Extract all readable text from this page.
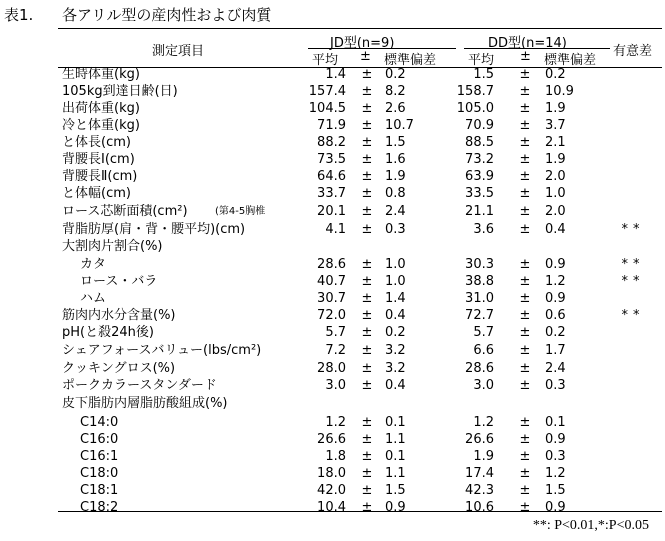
表1. 各アリル型の産肉性および肉質
測定項目
JD型(n=9)	DD型(n=14)
平均 ± 標準偏差 平均 ± 標準偏差
有意差
生時体重(kg)	1.4 ± 0.2	1.5 ± 0.2
105kg到達日齢(日)	157.4 ± 8.2	158.7 ± 10.9
出荷体重(kg)	104.5 ± 2.6	105.0 ± 1.9
冷と体重(kg)	71.9 ± 10.7	70.9 ± 3.7
と体長(cm)	88.2 ± 1.5	88.5 ± 2.1
背腰長Ⅰ(cm)	73.5 ± 1.6	73.2 ± 1.9
背腰長Ⅱ(cm)	64.6 ± 1.9	63.9 ± 2.0
と体幅(cm)	33.7 ± 0.8	33.5 ± 1.0
ロース芯断面積(cm²)	(第4-5胸椎	20.1 ± 2.4	21.1 ± 2.0
背脂肪厚(肩・背・腰平均)(cm)	4.1 ± 0.3	3.6 ± 0.4	**
大割肉片割合(%)
カタ	28.6 ± 1.0	30.3 ± 0.9	**
ロース・バラ	40.7 ± 1.0	38.8 ± 1.2	**
ハム	30.7 ± 1.4	31.0 ± 0.9
筋肉内水分含量(%)	72.0 ± 0.4	72.7 ± 0.6	**
pH(と殺24h後)	5.7 ± 0.2	5.7 ± 0.2
シェアフォースバリュー(lbs/cm²)	7.2 ± 3.2	6.6 ± 1.7
クッキングロス(%)	28.0 ± 3.2	28.6 ± 2.4
ポークカラースタンダード	3.0 ± 0.4	3.0 ± 0.3
皮下脂肪内層脂肪酸組成(%)
C14:0	1.2 ± 0.1	1.2 ± 0.1
C16:0	26.6 ± 1.1	26.6 ± 0.9
C16:1	1.8 ± 0.1	1.9 ± 0.3
C18:0	18.0 ± 1.1	17.4 ± 1.2
C18:1	42.0 ± 1.5	42.3 ± 1.5
C18:2	10.4 ± 0.9	10.6 ± 0.9
**: P<0.01,*:P<0.05
